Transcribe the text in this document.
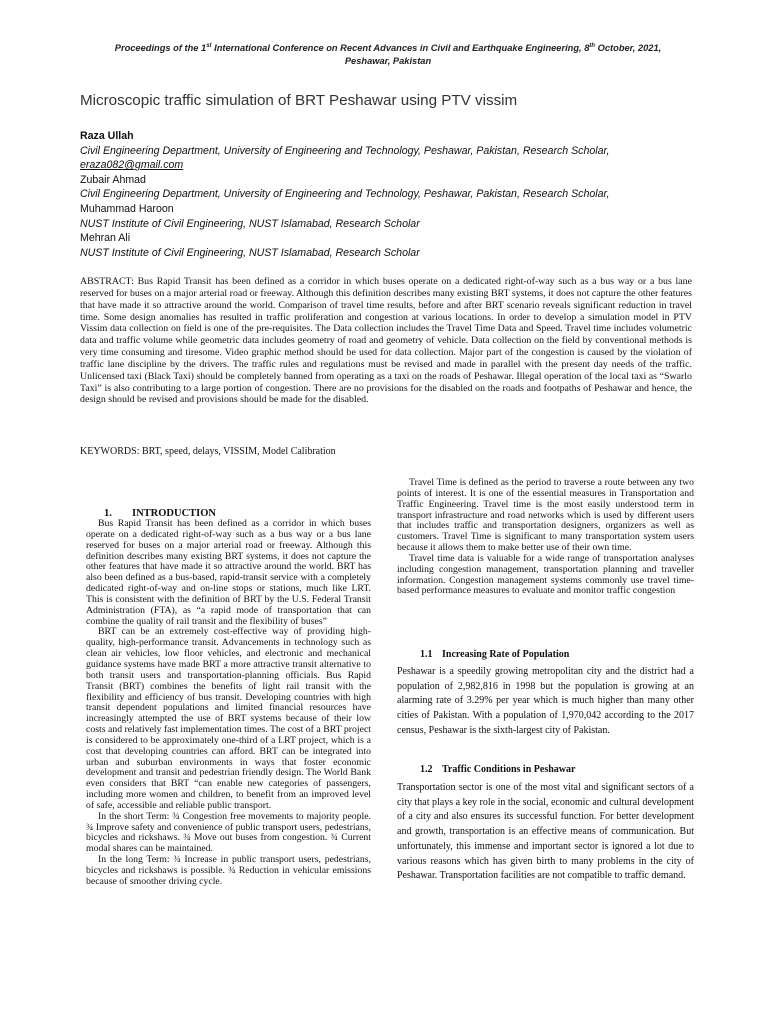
Proceedings of the 1st International Conference on Recent Advances in Civil and Earthquake Engineering, 8th October, 2021,
Peshawar, Pakistan
Microscopic traffic simulation of BRT Peshawar using PTV vissim
Raza Ullah
Civil Engineering Department, University of Engineering and Technology, Peshawar, Pakistan, Research Scholar,
eraza082@gmail.com
Zubair Ahmad
Civil Engineering Department, University of Engineering and Technology, Peshawar, Pakistan, Research Scholar,
Muhammad Haroon
NUST Institute of Civil Engineering, NUST Islamabad, Research Scholar
Mehran Ali
NUST Institute of Civil Engineering, NUST Islamabad, Research Scholar

ABSTRACT: Bus Rapid Transit has been defined as a corridor in which buses operate on a dedicated right-of-way such as a bus way or a bus lane reserved for buses on a major arterial road or freeway. Although this definition describes many existing BRT systems, it does not capture the other features that have made it so attractive around the world. Comparison of travel time results, before and after BRT scenario reveals significant reduction in travel time. Some design anomalies has resulted in traffic proliferation and congestion at various locations. In order to develop a simulation model in PTV Vissim data collection on field is one of the pre-requisites. The Data collection includes the Travel Time Data and Speed. Travel time includes volumetric data and traffic volume while geometric data includes geometry of road and geometry of vehicle. Data collection on the field by conventional methods is very time consuming and tiresome. Video graphic method should be used for data collection. Major part of the congestion is caused by the violation of traffic lane discipline by the drivers. The traffic rules and regulations must be revised and made in parallel with the present day needs of the traffic. Unlicensed taxi (Black Taxi) should be completely banned from operating as a taxi on the roads of Peshawar. Illegal operation of the local taxi as “Swarlo Taxi” is also contributing to a large portion of congestion. There are no provisions for the disabled on the roads and footpaths of Peshawar and hence, the design should be revised and provisions should be made for the disabled.

KEYWORDS: BRT, speed, delays, VISSIM, Model Calibration

1. INTRODUCTION

Bus Rapid Transit has been defined as a corridor in which buses operate on a dedicated right-of-way such as a bus way or a bus lane reserved for buses on a major arterial road or freeway. Although this definition describes many existing BRT systems, it does not capture the other features that have made it so attractive around the world. BRT has also been defined as a bus-based, rapid-transit service with a completely dedicated right-of-way and on-line stops or stations, much like LRT. This is consistent with the definition of BRT by the U.S. Federal Transit Administration (FTA), as “a rapid mode of transportation that can combine the quality of rail transit and the flexibility of buses”

BRT can be an extremely cost-effective way of providing high-quality, high-performance transit. Advancements in technology such as clean air vehicles, low floor vehicles, and electronic and mechanical guidance systems have made BRT a more attractive transit alternative to both transit users and transportation-planning officials. Bus Rapid Transit (BRT) combines the benefits of light rail transit with the flexibility and efficiency of bus transit. Developing countries with high transit dependent populations and limited financial resources have increasingly attempted the use of BRT systems because of their low costs and relatively fast implementation times. The cost of a BRT project is considered to be approximately one-third of a LRT project, which is a cost that developing countries can afford. BRT can be integrated into urban and suburban environments in ways that foster economic development and transit and pedestrian friendly design. The World Bank even considers that BRT “can enable new categories of passengers, including more women and children, to benefit from an improved level of safe, accessible and reliable public transport.

In the short Term: ¾ Congestion free movements to majority people. ¾ Improve safety and convenience of public transport users, pedestrians, bicycles and rickshaws. ¾ Move out buses from congestion. ¾ Current modal shares can be maintained.

In the long Term: ¾ Increase in public transport users, pedestrians, bicycles and rickshaws is possible. ¾ Reduction in vehicular emissions because of smoother driving cycle.

Travel Time is defined as the period to traverse a route between any two points of interest. It is one of the essential measures in Transportation and Traffic Engineering. Travel time is the most easily understood term in transport infrastructure and road networks which is used by different users that includes traffic and transportation designers, organizers as well as customers. Travel Time is significant to many transportation system users because it allows them to make better use of their own time.

Travel time data is valuable for a wide range of transportation analyses including congestion management, transportation planning and traveller information. Congestion management systems commonly use travel time-based performance measures to evaluate and monitor traffic congestion

1.1 Increasing Rate of Population

Peshawar is a speedily growing metropolitan city and the district had a population of 2,982,816 in 1998 but the population is growing at an alarming rate of 3.29% per year which is much higher than many other cities of Pakistan. With a population of 1,970,042 according to the 2017 census, Peshawar is the sixth-largest city of Pakistan.

1.2 Traffic Conditions in Peshawar

Transportation sector is one of the most vital and significant sectors of a city that plays a key role in the social, economic and cultural development of a city and also ensures its successful function. For better development and growth, transportation is an effective means of communication. But unfortunately, this immense and important sector is ignored a lot due to various reasons which has given birth to many problems in the city of Peshawar. Transportation facilities are not compatible to traffic demand.
